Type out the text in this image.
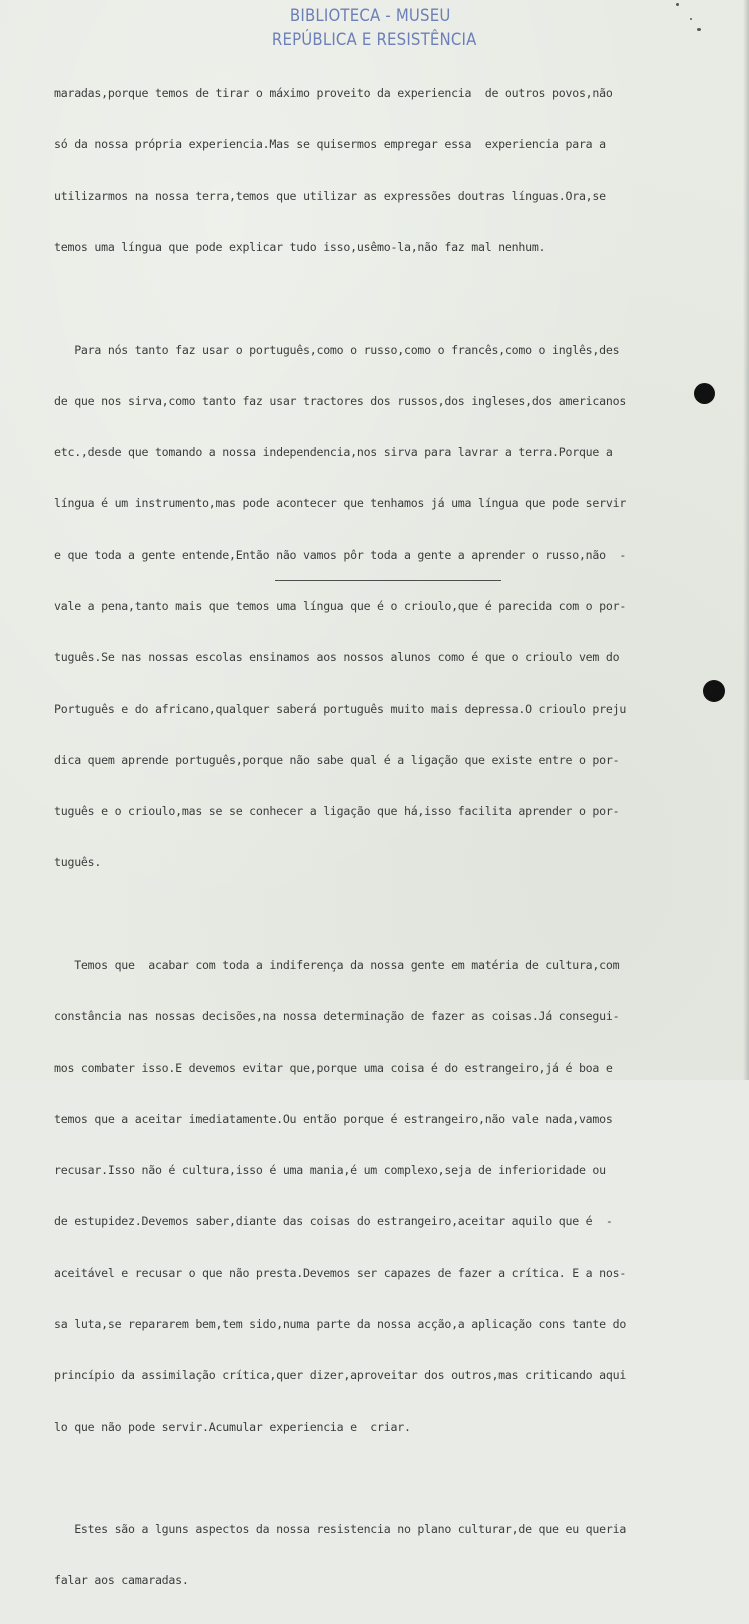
BIBLIOTECA - MUSEU
REPÚBLICA E RESISTÊNCIA

maradas,porque temos de tirar o máximo proveito da experiencia  de outros povos,não

só da nossa própria experiencia.Mas se quisermos empregar essa  experiencia para a

utilizarmos na nossa terra,temos que utilizar as expressões doutras línguas.Ora,se

temos uma língua que pode explicar tudo isso,usêmo-la,não faz mal nenhum.

Para nós tanto faz usar o português,como o russo,como o francês,como o inglês,des

de que nos sirva,como tanto faz usar tractores dos russos,dos ingleses,dos americanos

etc.,desde que tomando a nossa independencia,nos sirva para lavrar a terra.Porque a

língua é um instrumento,mas pode acontecer que tenhamos já uma língua que pode servir

e que toda a gente entende,Então não vamos pôr toda a gente a aprender o russo,não  -

vale a pena,tanto mais que temos uma língua que é o crioulo,que é parecida com o por-

tuguês.Se nas nossas escolas ensinamos aos nossos alunos como é que o crioulo vem do

Português e do africano,qualquer saberá português muito mais depressa.O crioulo preju

dica quem aprende português,porque não sabe qual é a ligação que existe entre o por-

tuguês e o crioulo,mas se se conhecer a ligação que há,isso facilita aprender o por-

tuguês.

Temos que  acabar com toda a indiferença da nossa gente em matéria de cultura,com

constância nas nossas decisões,na nossa determinação de fazer as coisas.Já consegui-

mos combater isso.E devemos evitar que,porque uma coisa é do estrangeiro,já é boa e

temos que a aceitar imediatamente.Ou então porque é estrangeiro,não vale nada,vamos

recusar.Isso não é cultura,isso é uma mania,é um complexo,seja de inferioridade ou

de estupidez.Devemos saber,diante das coisas do estrangeiro,aceitar aquilo que é  -

aceitável e recusar o que não presta.Devemos ser capazes de fazer a crítica. E a nos-

sa luta,se repararem bem,tem sido,numa parte da nossa acção,a aplicação cons tante do

princípio da assimilação crítica,quer dizer,aproveitar dos outros,mas criticando aqui

lo que não pode servir.Acumular experiencia e  criar.

Estes são a lguns aspectos da nossa resistencia no plano culturar,de que eu queria

falar aos camaradas.
